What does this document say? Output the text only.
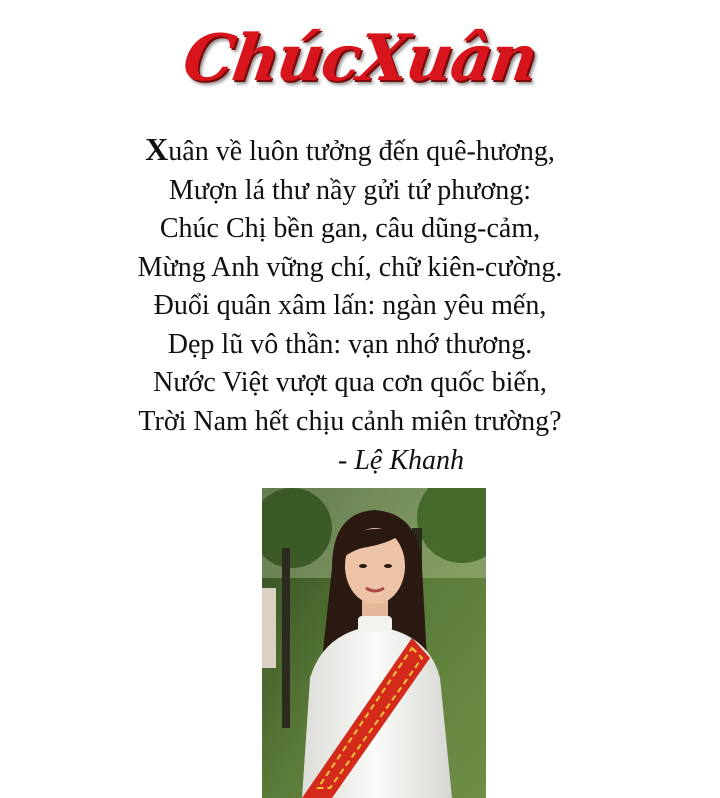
ChúcXuân
Xuân về luôn tưởng đến quê-hương,
Mượn lá thư nầy gửi tứ phương:
Chúc Chị bền gan, câu dũng-cảm,
Mừng Anh vững chí, chữ kiên-cường.
Đuổi quân xâm lấn: ngàn yêu mến,
Dẹp lũ vô thần: vạn nhớ thương.
Nước Việt vượt qua cơn quốc biến,
Trời Nam hết chịu cảnh miên trường?
- Lệ Khanh
